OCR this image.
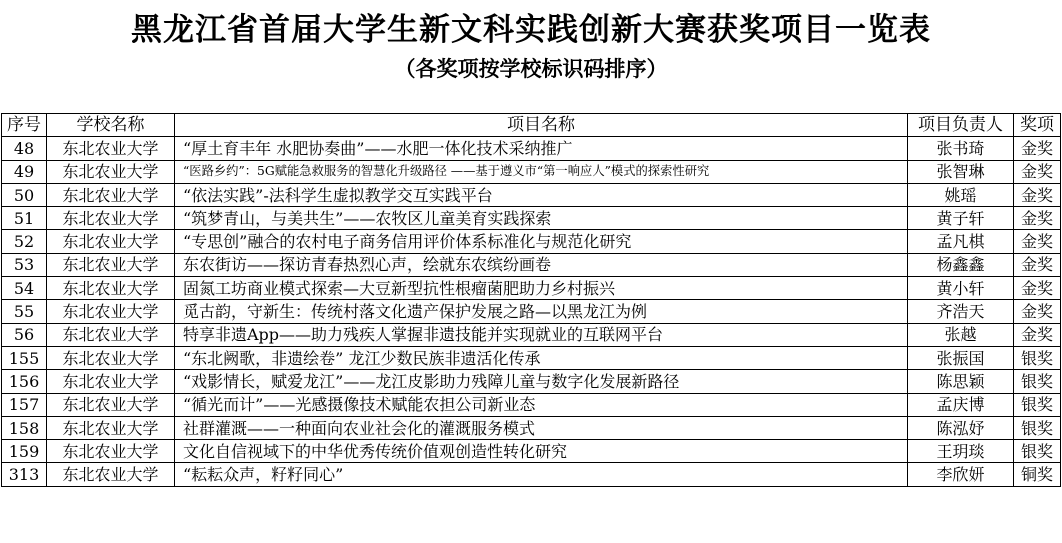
黑龙江省首届大学生新文科实践创新大赛获奖项目一览表
（各奖项按学校标识码排序）
序号	学校名称	项目名称	项目负责人	奖项
48	东北农业大学	“厚土育丰年 水肥协奏曲”——水肥一体化技术采纳推广	张书琦	金奖
49	东北农业大学	“医路乡约”：5G赋能急救服务的智慧化升级路径 ——基于遵义市“第一响应人”模式的探索性研究	张智琳	金奖
50	东北农业大学	“依法实践”-法科学生虚拟教学交互实践平台	姚瑶	金奖
51	东北农业大学	“筑梦青山，与美共生”——农牧区儿童美育实践探索	黄子轩	金奖
52	东北农业大学	“专思创”融合的农村电子商务信用评价体系标准化与规范化研究	孟凡棋	金奖
53	东北农业大学	东农街访——探访青春热烈心声，绘就东农缤纷画卷	杨鑫鑫	金奖
54	东北农业大学	固氮工坊商业模式探索—大豆新型抗性根瘤菌肥助力乡村振兴	黄小轩	金奖
55	东北农业大学	觅古韵，守新生：传统村落文化遗产保护发展之路—以黑龙江为例	齐浩天	金奖
56	东北农业大学	特享非遗App——助力残疾人掌握非遗技能并实现就业的互联网平台	张越	金奖
155	东北农业大学	“东北阙歌，非遗绘卷” 龙江少数民族非遗活化传承	张振国	银奖
156	东北农业大学	“戏影情长，赋爱龙江”——龙江皮影助力残障儿童与数字化发展新路径	陈思颖	银奖
157	东北农业大学	“循光而计”——光感摄像技术赋能农担公司新业态	孟庆博	银奖
158	东北农业大学	社群灌溉——一种面向农业社会化的灌溉服务模式	陈泓妤	银奖
159	东北农业大学	文化自信视域下的中华优秀传统价值观创造性转化研究	王玥琰	银奖
313	东北农业大学	“耘耘众声，籽籽同心”	李欣妍	铜奖
